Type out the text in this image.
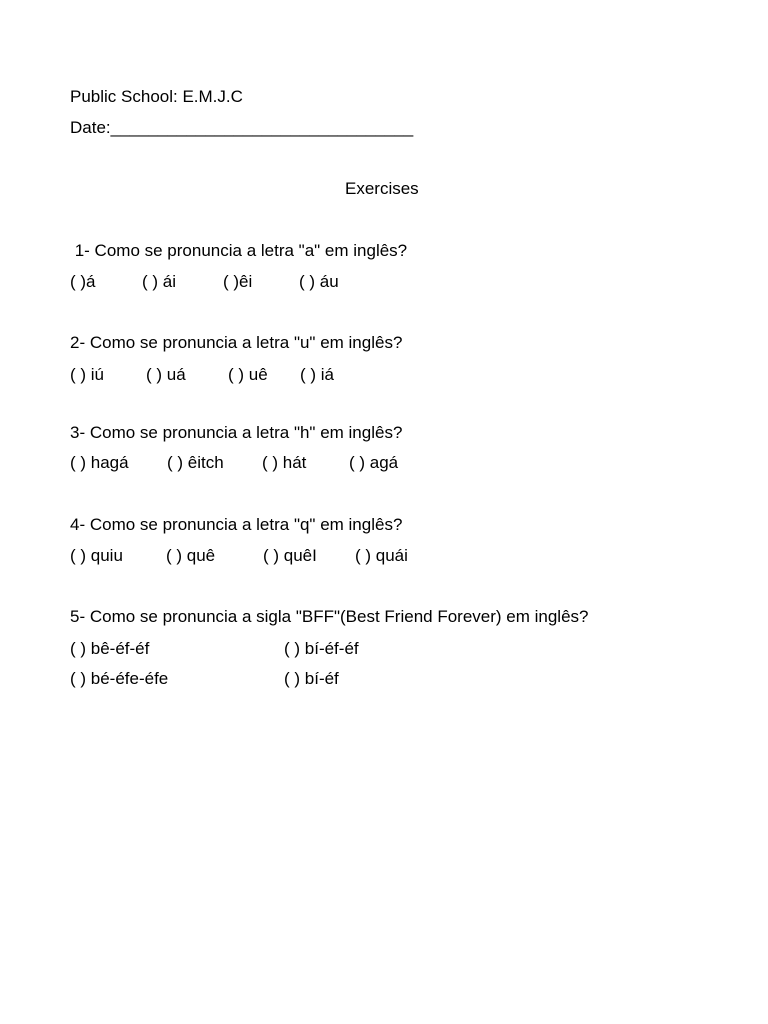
Public School: E.M.J.C
Date:________________________________
Exercises
1- Como se pronuncia a letra "a" em inglês?
( )á	( ) ái	( )êi	( ) áu
2- Como se pronuncia a letra "u" em inglês?
( ) iú ( ) uá ( ) uê ( ) iá
3- Como se pronuncia a letra "h" em inglês?
( ) hagá ( ) êitch ( ) hát	( ) agá
4- Como se pronuncia a letra "q" em inglês?
( ) quiu	( ) quê	( ) quêI ( ) quái
5- Como se pronuncia a sigla "BFF"(Best Friend Forever) em inglês?
( ) bê-éf-éf	( ) bí-éf-éf
( ) bé-éfe-éfe	( ) bí-éf
